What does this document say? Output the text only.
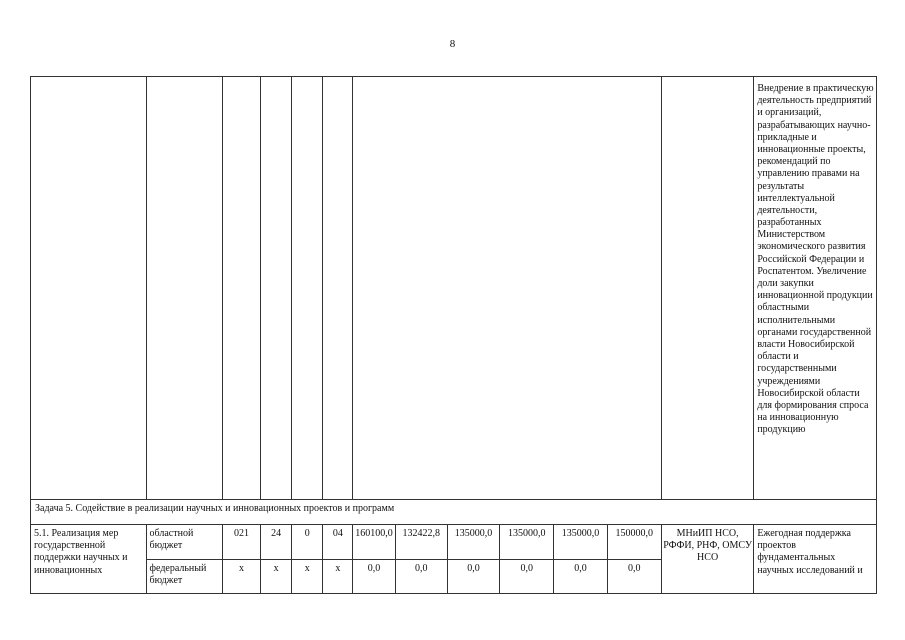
8
													Внедрение в практическую деятельность предприятий и организаций, разрабатывающих научно-прикладные и инновационные проекты, рекомендаций по управлению правами на результаты интеллектуальной деятельности, разработанных Министерством экономического развития Российской Федерации и Роспатентом. Увеличение доли закупки инновационной продукции областными исполнительными органами государственной власти Новосибирской области и государственными учреждениями Новосибирской области для формирования спроса на инновационную продукцию
Задача 5. Содействие в реализации научных и инновационных проектов и программ													
5.1. Реализация мер государственной поддержки научных и инновационных	областной бюджет	021	24	0	04	160100,0	132422,8	135000,0	135000,0	135000,0	150000,0	МНиИП НСО, РФФИ, РНФ, ОМСУ НСО	Ежегодная поддержка проектов фундаментальных научных исследований и
	федеральный бюджет	x	x	x	x	0,0	0,0	0,0	0,0	0,0	0,0		
